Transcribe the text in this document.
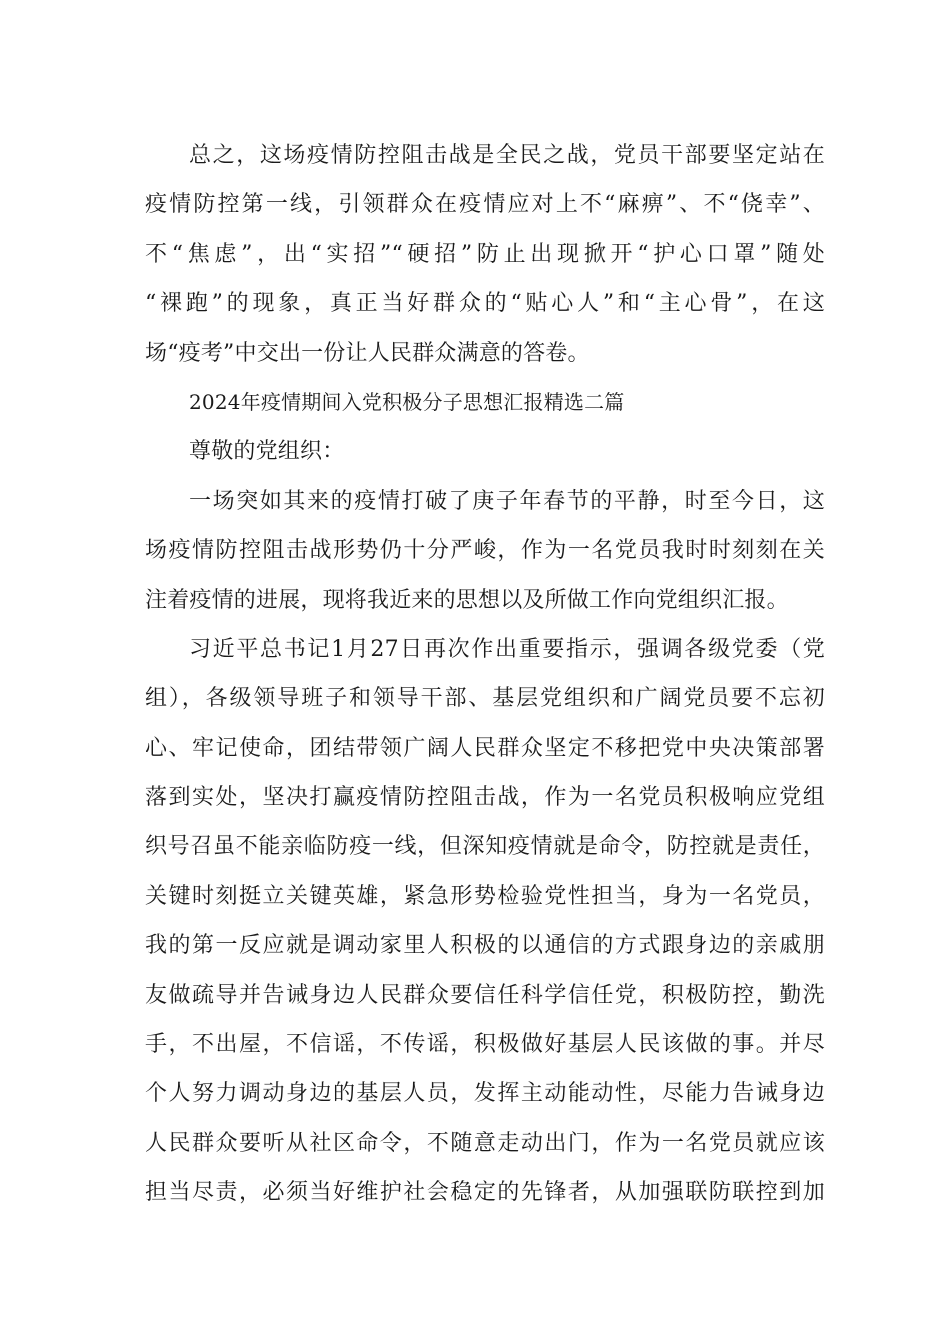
总之，这场疫情防控阻击战是全民之战，党员干部要坚定站在
疫情防控第一线，引领群众在疫情应对上不“麻痹”、不“侥幸”、
不“焦虑”，出“实招”“硬招”防止出现掀开“护心口罩”随处
“裸跑”的现象，真正当好群众的“贴心人”和“主心骨”，在这
场“疫考”中交出一份让人民群众满意的答卷。
2024年疫情期间入党积极分子思想汇报精选二篇
尊敬的党组织：
一场突如其来的疫情打破了庚子年春节的平静，时至今日，这
场疫情防控阻击战形势仍十分严峻，作为一名党员我时时刻刻在关
注着疫情的进展，现将我近来的思想以及所做工作向党组织汇报。
习近平总书记1月27日再次作出重要指示，强调各级党委（党
组），各级领导班子和领导干部、基层党组织和广阔党员要不忘初
心、牢记使命，团结带领广阔人民群众坚定不移把党中央决策部署
落到实处，坚决打赢疫情防控阻击战，作为一名党员积极响应党组
织号召虽不能亲临防疫一线，但深知疫情就是命令，防控就是责任，
关键时刻挺立关键英雄，紧急形势检验党性担当，身为一名党员，
我的第一反应就是调动家里人积极的以通信的方式跟身边的亲戚朋
友做疏导并告诫身边人民群众要信任科学信任党，积极防控，勤洗
手，不出屋，不信谣，不传谣，积极做好基层人民该做的事。并尽
个人努力调动身边的基层人员，发挥主动能动性，尽能力告诫身边
人民群众要听从社区命令，不随意走动出门，作为一名党员就应该
担当尽责，必须当好维护社会稳定的先锋者，从加强联防联控到加
